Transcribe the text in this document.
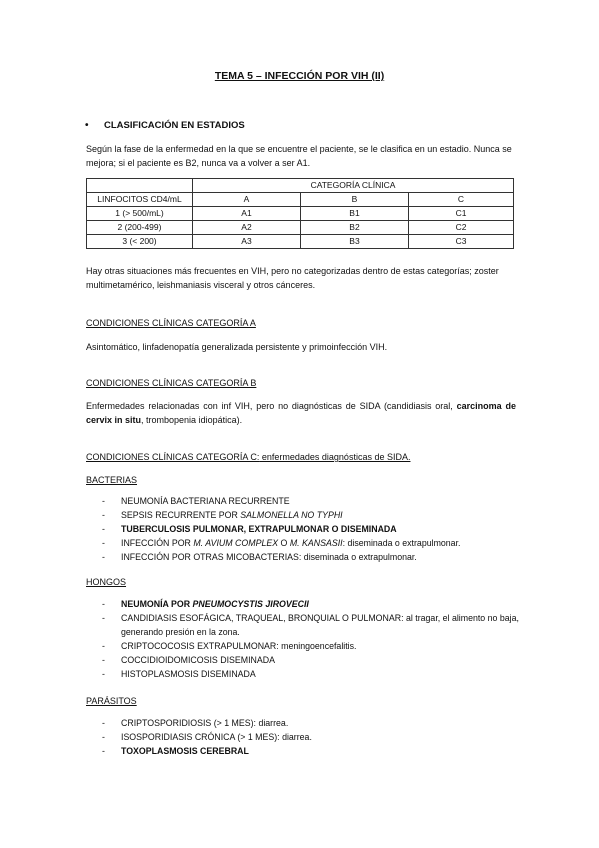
TEMA 5 – INFECCIÓN POR VIH (II)
• CLASIFICACIÓN EN ESTADIOS
Según la fase de la enfermedad en la que se encuentre el paciente, se le clasifica en un estadio. Nunca se mejora; si el paciente es B2, nunca va a volver a ser A1.
	CATEGORÍA CLÍNICA		
LINFOCITOS CD4/mL	A	B	C
1 (> 500/mL)	A1	B1	C1
2 (200-499)	A2	B2	C2
3 (< 200)	A3	B3	C3
Hay otras situaciones más frecuentes en VIH, pero no categorizadas dentro de estas categorías; zoster multimetamérico, leishmaniasis visceral y otros cánceres.
CONDICIONES CLÍNICAS CATEGORÍA A
Asintomático, linfadenopatía generalizada persistente y primoinfección VIH.
CONDICIONES CLÍNICAS CATEGORÍA B
Enfermedades relacionadas con inf VIH, pero no diagnósticas de SIDA (candidiasis oral, carcinoma de cervix in situ, trombopenia idiopática).
CONDICIONES CLÍNICAS CATEGORÍA C: enfermedades diagnósticas de SIDA.
BACTERIAS
- NEUMONÍA BACTERIANA RECURRENTE
- SEPSIS RECURRENTE POR SALMONELLA NO TYPHI
- TUBERCULOSIS PULMONAR, EXTRAPULMONAR O DISEMINADA
- INFECCIÓN POR M. AVIUM COMPLEX O M. KANSASII: diseminada o extrapulmonar.
- INFECCIÓN POR OTRAS MICOBACTERIAS: diseminada o extrapulmonar.
HONGOS
- NEUMONÍA POR PNEUMOCYSTIS JIROVECII
- CANDIDIASIS ESOFÁGICA, TRAQUEAL, BRONQUIAL O PULMONAR: al tragar, el alimento no baja, generando presión en la zona.
- CRIPTOCOCOSIS EXTRAPULMONAR: meningoencefalitis.
- COCCIDIOIDOMICOSIS DISEMINADA
- HISTOPLASMOSIS DISEMINADA
PARÁSITOS
- CRIPTOSPORIDIOSIS (> 1 MES): diarrea.
- ISOSPORIDIASIS CRÓNICA (> 1 MES): diarrea.
- TOXOPLASMOSIS CEREBRAL
